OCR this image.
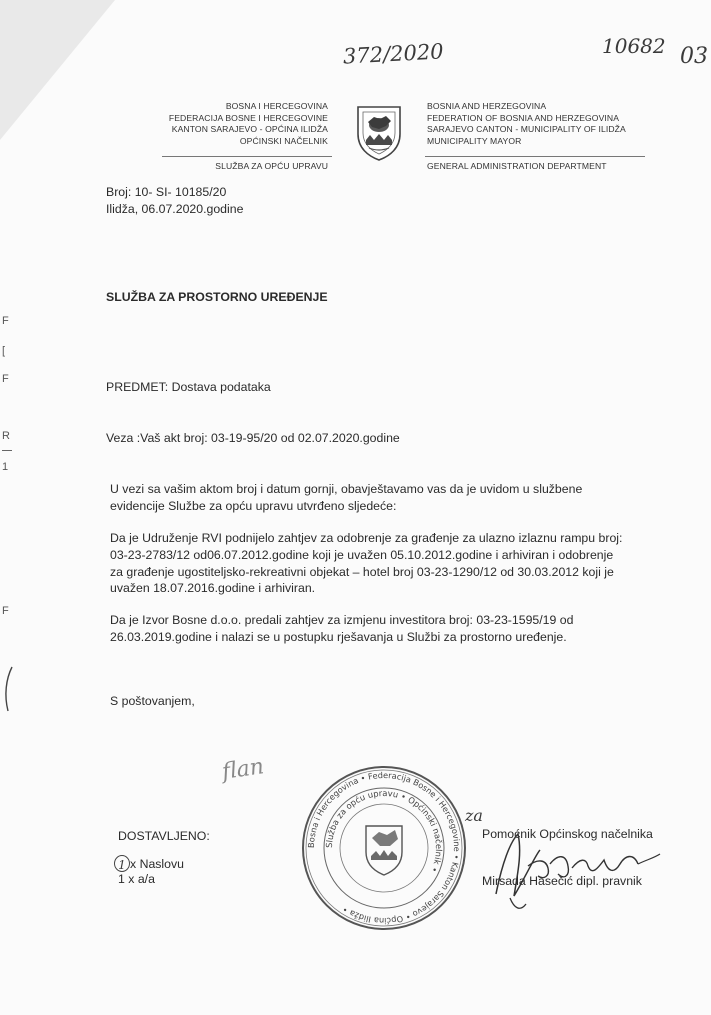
372/2020	10682 03
BOSNA I HERCEGOVINA
FEDERACIJA BOSNE I HERCEGOVINE
KANTON SARAJEVO - OPĆINA ILIDŽA
OPĆINSKI NAČELNIK
SLUŽBA ZA OPĆU UPRAVU
BOSNIA AND HERZEGOVINA
FEDERATION OF BOSNIA AND HERZEGOVINA
SARAJEVO CANTON - MUNICIPALITY OF ILIDŽA
MUNICIPALITY MAYOR
GENERAL ADMINISTRATION DEPARTMENT
Broj: 10- SI- 10185/20
Ilidža, 06.07.2020.godine
SLUŽBA ZA PROSTORNO UREĐENJE
PREDMET: Dostava podataka
Veza :Vaš akt broj: 03-19-95/20 od 02.07.2020.godine
U vezi sa vašim aktom broj i datum gornji, obavještavamo vas da je uvidom u službene
evidencije Službe za opću upravu utvrđeno sljedeće:
Da je Udruženje RVI podnijelo zahtjev za odobrenje za građenje za ulazno izlaznu rampu broj:
03-23-2783/12 od06.07.2012.godine koji je uvažen 05.10.2012.godine i arhiviran i odobrenje
za građenje ugostiteljsko-rekreativni objekat – hotel broj 03-23-1290/12 od 30.03.2012 koji je
uvažen 18.07.2016.godine i arhiviran.
Da je Izvor Bosne d.o.o. predali zahtjev za izmjenu investitora broj: 03-23-1595/19 od
26.03.2019.godine i nalazi se u postupku rješavanja u Službi za prostorno uređenje.
S poštovanjem,
flan
DOSTAVLJENO:
1 x Naslovu
1 x a/a
Bosna i Hercegovina • Federacija Bosne i Hercegovine • Kanton Sarajevo • Općina Ilidža •
Služba za opću upravu • Općinski načelnik •
za
Pomoćnik Općinskog načelnika
Mirsada Hasečić dipl. pravnik
F
[
F
R
1
F
